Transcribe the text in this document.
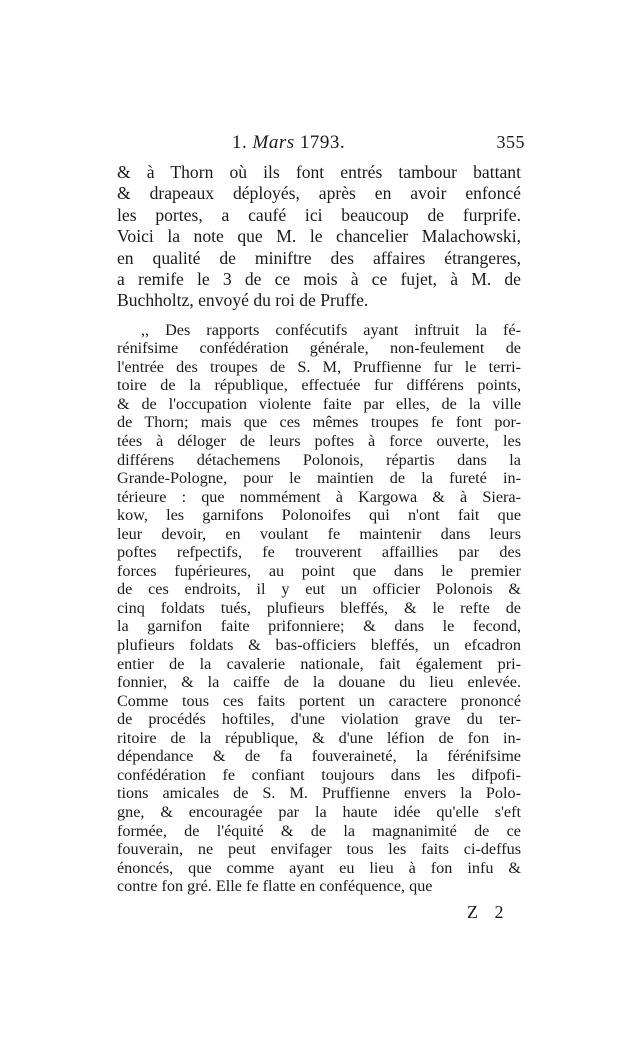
1. Mars 1793.	355
& à Thorn où ils font entrés tambour battant
& drapeaux déployés, après en avoir enfoncé
les portes, a caufé ici beaucoup de furprife.
Voici la note que M. le chancelier Malachowski,
en qualité de miniftre des affaires étrangeres,
a remife le 3 de ce mois à ce fujet, à M. de
Buchholtz, envoyé du roi de Pruffe.
,, Des rapports confécutifs ayant inftruit la fé-
rénifsime confédération générale, non-feulement de
l'entrée des troupes de S. M, Pruffienne fur le terri-
toire de la république, effectuée fur différens points,
& de l'occupation violente faite par elles, de la ville
de Thorn; mais que ces mêmes troupes fe font por-
tées à déloger de leurs poftes à force ouverte, les
différens détachemens Polonois, répartis dans la
Grande-Pologne, pour le maintien de la fureté in-
térieure : que nommément à Kargowa & à Siera-
kow, les garnifons Polonoifes qui n'ont fait que
leur devoir, en voulant fe maintenir dans leurs
poftes refpectifs, fe trouverent affaillies par des
forces fupérieures, au point que dans le premier
de ces endroits, il y eut un officier Polonois &
cinq foldats tués, plufieurs bleffés, & le refte de
la garnifon faite prifonniere; & dans le fecond,
plufieurs foldats & bas-officiers bleffés, un efcadron
entier de la cavalerie nationale, fait également pri-
fonnier, & la caiffe de la douane du lieu enlevée.
Comme tous ces faits portent un caractere prononcé
de procédés hoftiles, d'une violation grave du ter-
ritoire de la république, & d'une léfion de fon in-
dépendance & de fa fouveraineté, la férénifsime
confédération fe confiant toujours dans les difpofi-
tions amicales de S. M. Pruffienne envers la Polo-
gne, & encouragée par la haute idée qu'elle s'eft
formée, de l'équité & de la magnanimité de ce
fouverain, ne peut envifager tous les faits ci-deffus
énoncés, que comme ayant eu lieu à fon infu &
contre fon gré. Elle fe flatte en conféquence, que
Z 2
